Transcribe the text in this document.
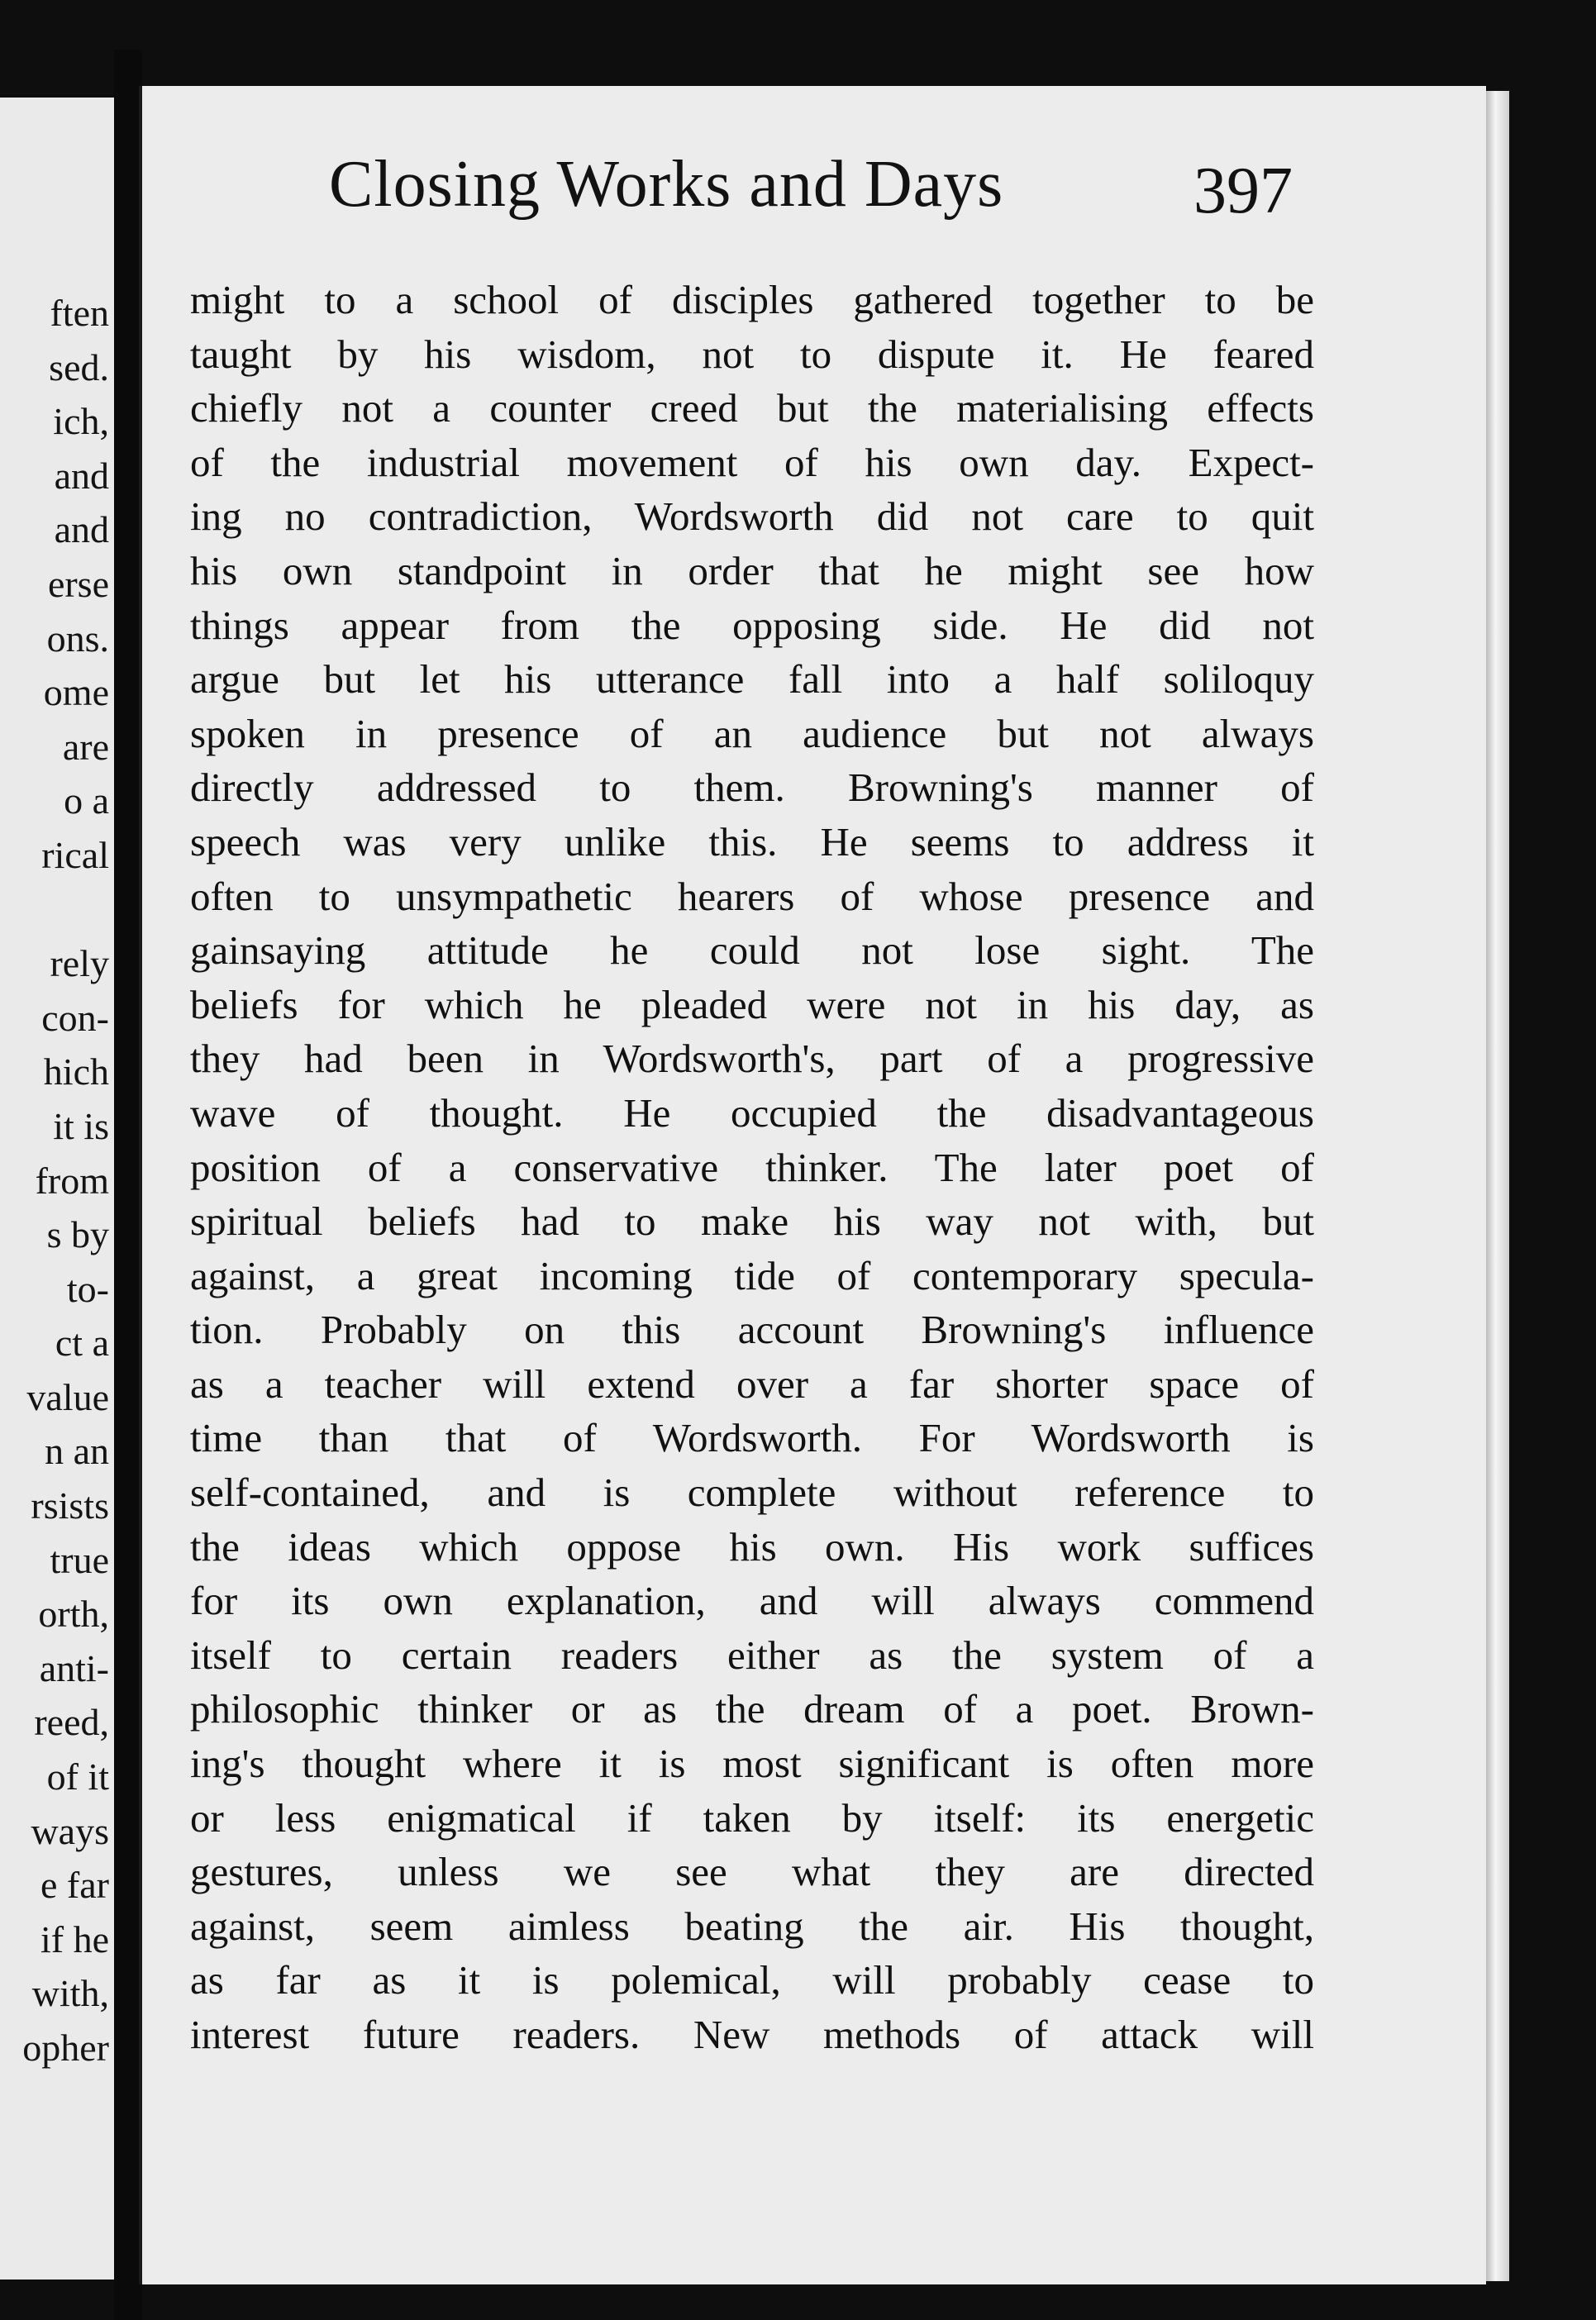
ften
sed.
ich,
and
and
erse
ons.
ome
are
o a
rical
rely
con-
hich
it is
from
s by
to-
ct a
value
n an
rsists
true
orth,
anti-
reed,
of it
ways
e far
if he
with,
opher
Closing Works and Days	397
might to a school of disciples gathered together to be
taught by his wisdom, not to dispute it. He feared
chiefly not a counter creed but the materialising effects
of the industrial movement of his own day. Expect-
ing no contradiction, Wordsworth did not care to quit
his own standpoint in order that he might see how
things appear from the opposing side. He did not
argue but let his utterance fall into a half soliloquy
spoken in presence of an audience but not always
directly addressed to them. Browning's manner of
speech was very unlike this. He seems to address it
often to unsympathetic hearers of whose presence and
gainsaying attitude he could not lose sight. The
beliefs for which he pleaded were not in his day, as
they had been in Wordsworth's, part of a progressive
wave of thought. He occupied the disadvantageous
position of a conservative thinker. The later poet of
spiritual beliefs had to make his way not with, but
against, a great incoming tide of contemporary specula-
tion. Probably on this account Browning's influence
as a teacher will extend over a far shorter space of
time than that of Wordsworth. For Wordsworth is
self-contained, and is complete without reference to
the ideas which oppose his own. His work suffices
for its own explanation, and will always commend
itself to certain readers either as the system of a
philosophic thinker or as the dream of a poet. Brown-
ing's thought where it is most significant is often more
or less enigmatical if taken by itself: its energetic
gestures, unless we see what they are directed
against, seem aimless beating the air. His thought,
as far as it is polemical, will probably cease to
interest future readers. New methods of attack will
